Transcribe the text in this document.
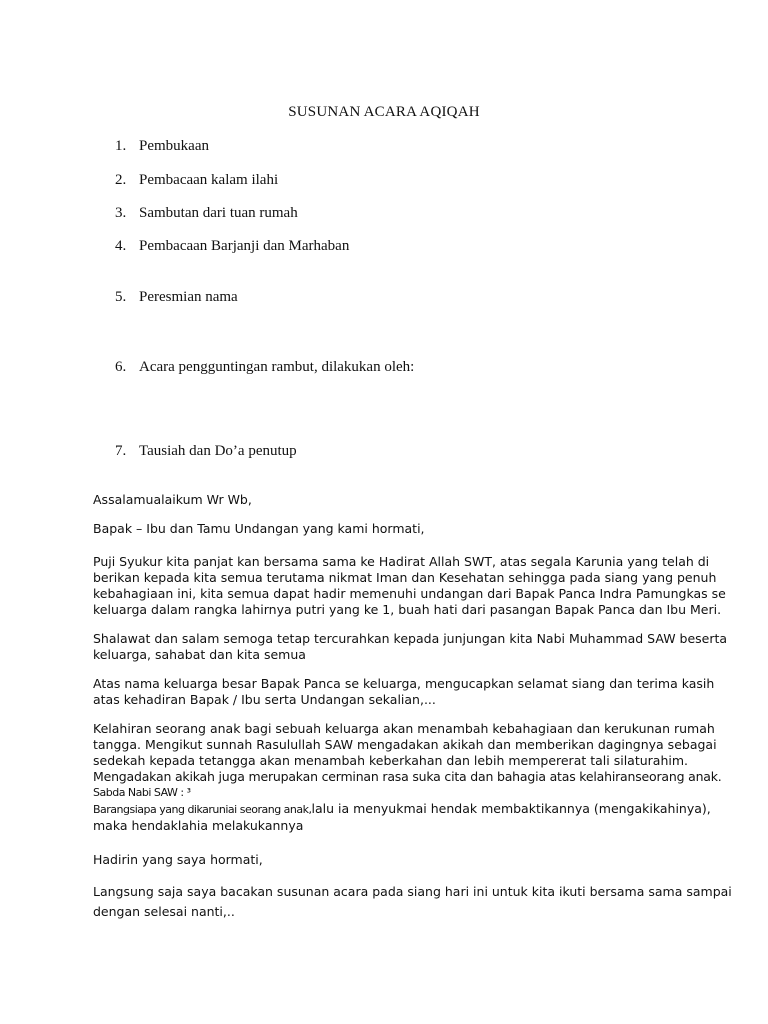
SUSUNAN ACARA AQIQAH
1. Pembukaan
2. Pembacaan kalam ilahi
3. Sambutan dari tuan rumah
4. Pembacaan Barjanji dan Marhaban
5. Peresmian nama
6. Acara pengguntingan rambut, dilakukan oleh:
7. Tausiah dan Do’a penutup
Assalamualaikum Wr Wb,
Bapak – Ibu dan Tamu Undangan yang kami hormati,
Puji Syukur kita panjat kan bersama sama ke Hadirat Allah SWT, atas segala Karunia yang telah di
berikan kepada kita semua terutama nikmat Iman dan Kesehatan sehingga pada siang yang penuh
kebahagiaan ini, kita semua dapat hadir memenuhi undangan dari Bapak Panca Indra Pamungkas se
keluarga dalam rangka lahirnya putri yang ke 1, buah hati dari pasangan Bapak Panca dan Ibu Meri.
Shalawat dan salam semoga tetap tercurahkan kepada junjungan kita Nabi Muhammad SAW beserta
keluarga, sahabat dan kita semua
Atas nama keluarga besar Bapak Panca se keluarga, mengucapkan selamat siang dan terima kasih
atas kehadiran Bapak / Ibu serta Undangan sekalian,...
Kelahiran seorang anak bagi sebuah keluarga akan menambah kebahagiaan dan kerukunan rumah
tangga. Mengikut sunnah Rasulullah SAW mengadakan akikah dan memberikan dagingnya sebagai
sedekah kepada tetangga akan menambah keberkahan dan lebih mempererat tali silaturahim.
Mengadakan akikah juga merupakan cerminan rasa suka cita dan bahagia atas kelahiranseorang anak.
Sabda Nabi SAW : ³
Barangsiapa yang dikaruniai seorang anak,lalu ia menyukmai hendak membaktikannya (mengakikahinya),
maka hendaklahia melakukannya
Hadirin yang saya hormati,
Langsung saja saya bacakan susunan acara pada siang hari ini untuk kita ikuti bersama sama sampai
dengan selesai nanti,..
